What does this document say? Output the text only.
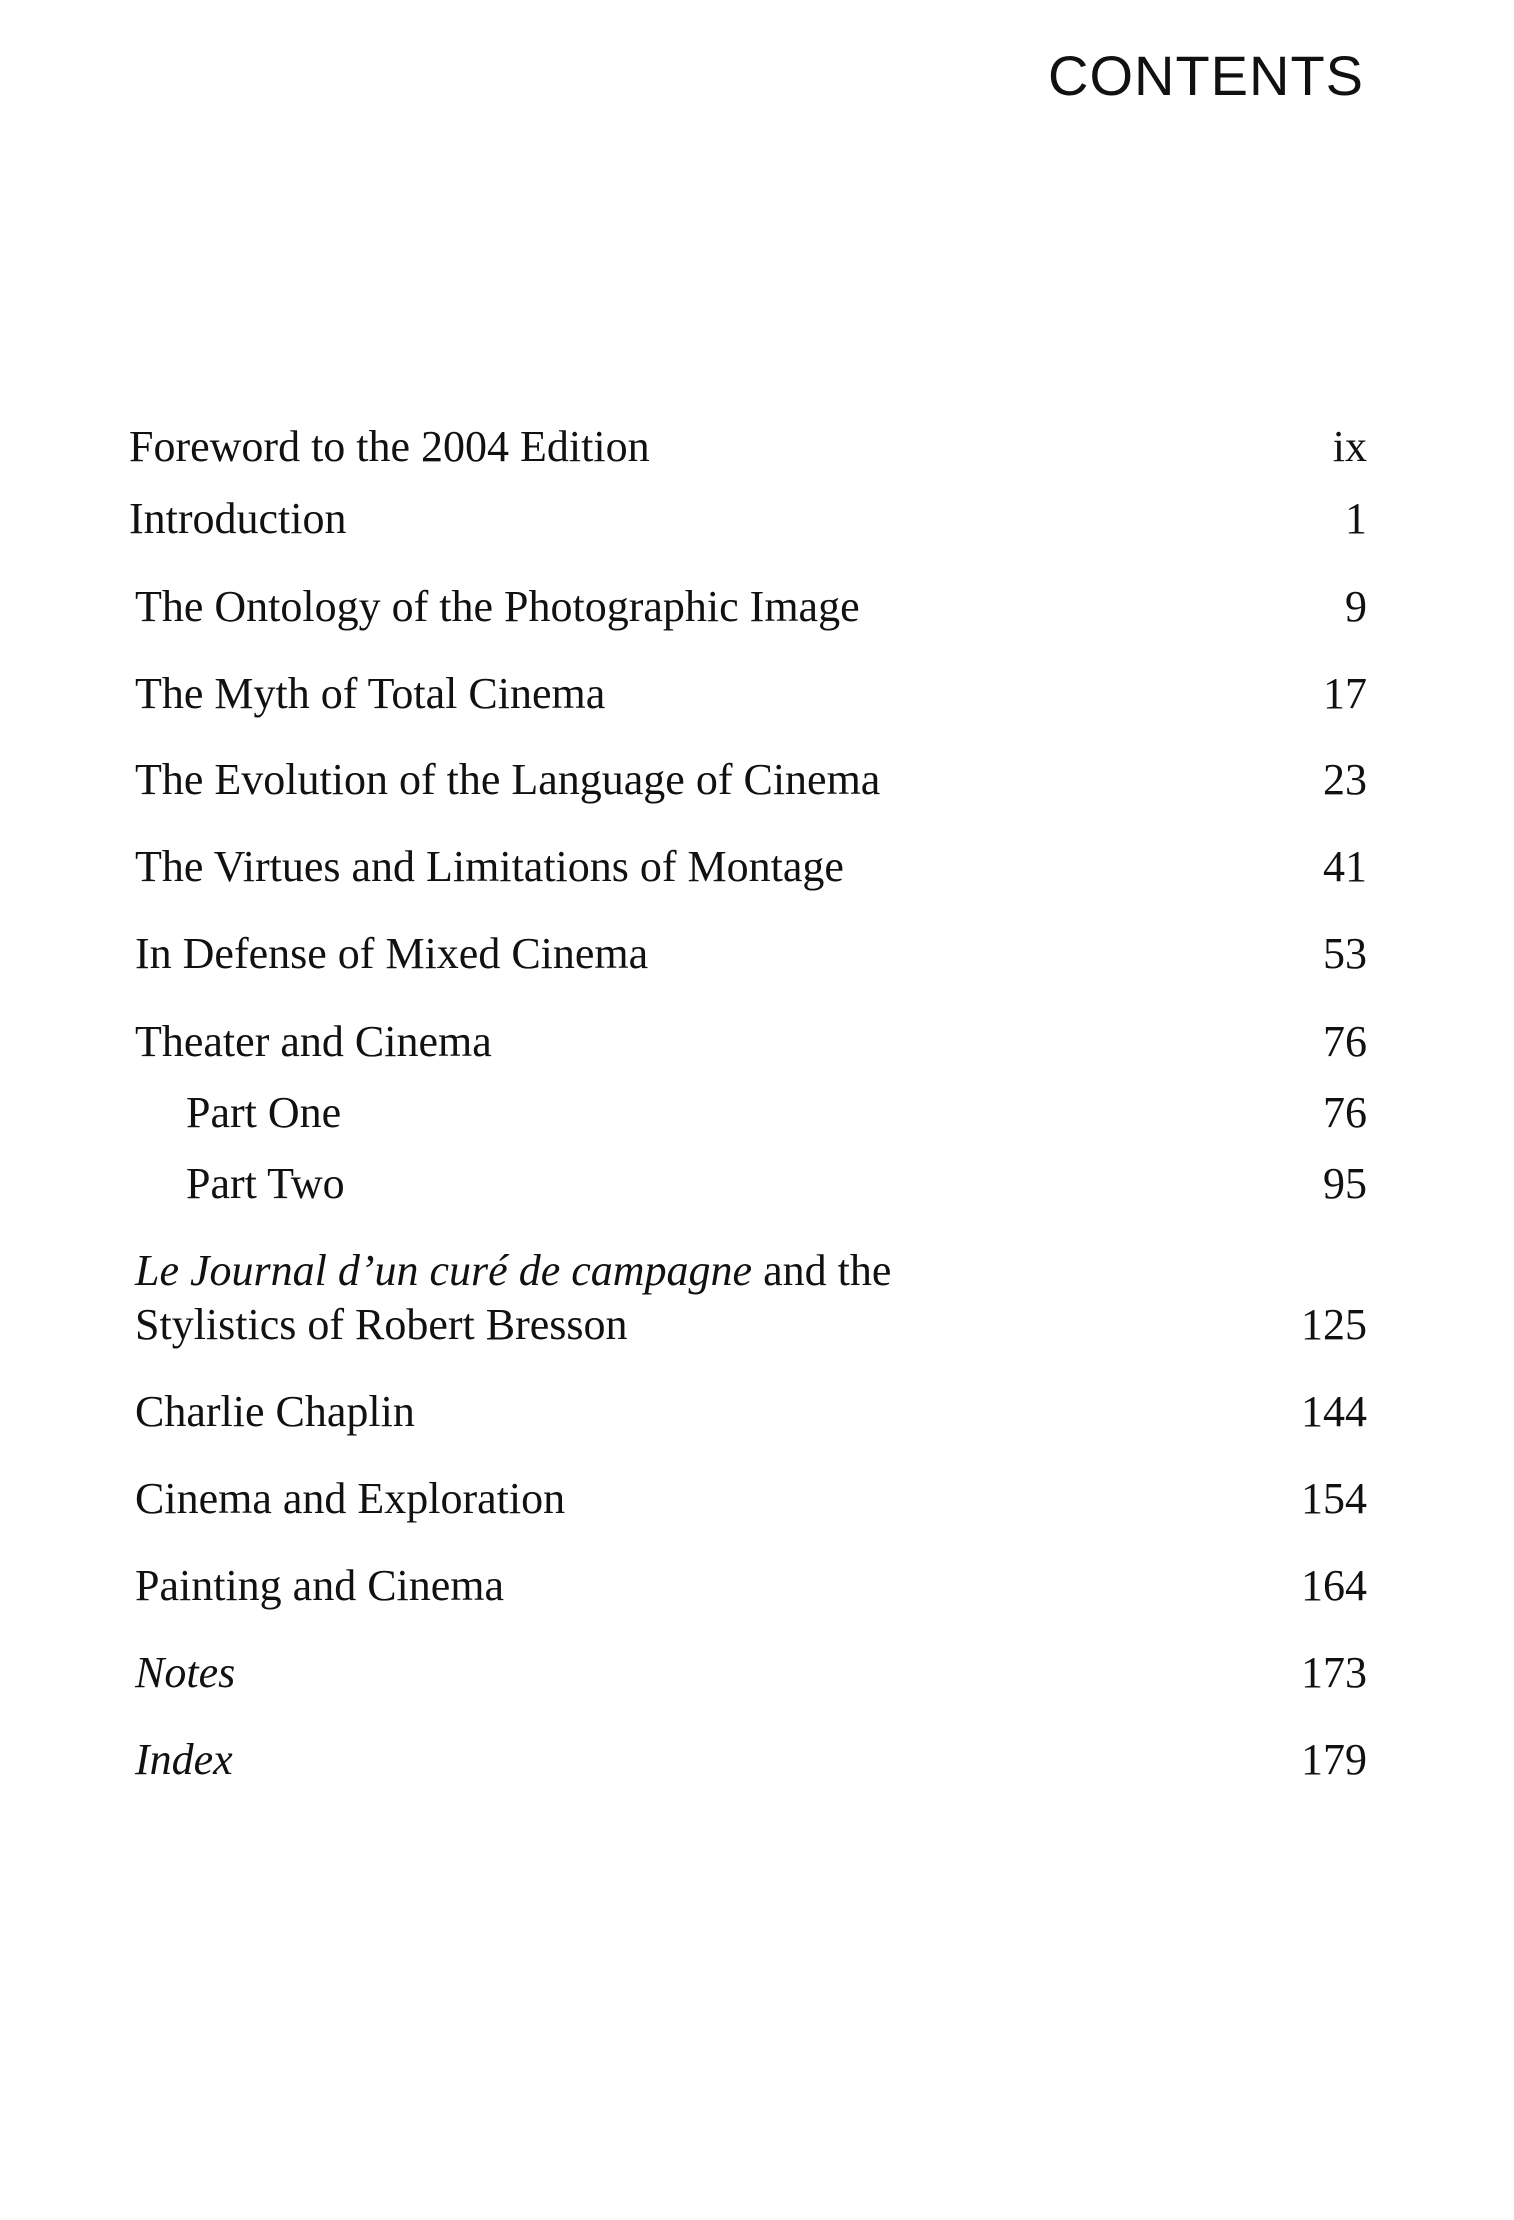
CONTENTS
Foreword to the 2004 Edition	ix
Introduction	1
The Ontology of the Photographic Image	9
The Myth of Total Cinema	17
The Evolution of the Language of Cinema	23
The Virtues and Limitations of Montage	41
In Defense of Mixed Cinema	53
Theater and Cinema	76
Part One	76
Part Two	95
Le Journal d’un curé de campagne and the
Stylistics of Robert Bresson	125
Charlie Chaplin	144
Cinema and Exploration	154
Painting and Cinema	164
Notes	173
Index	179
